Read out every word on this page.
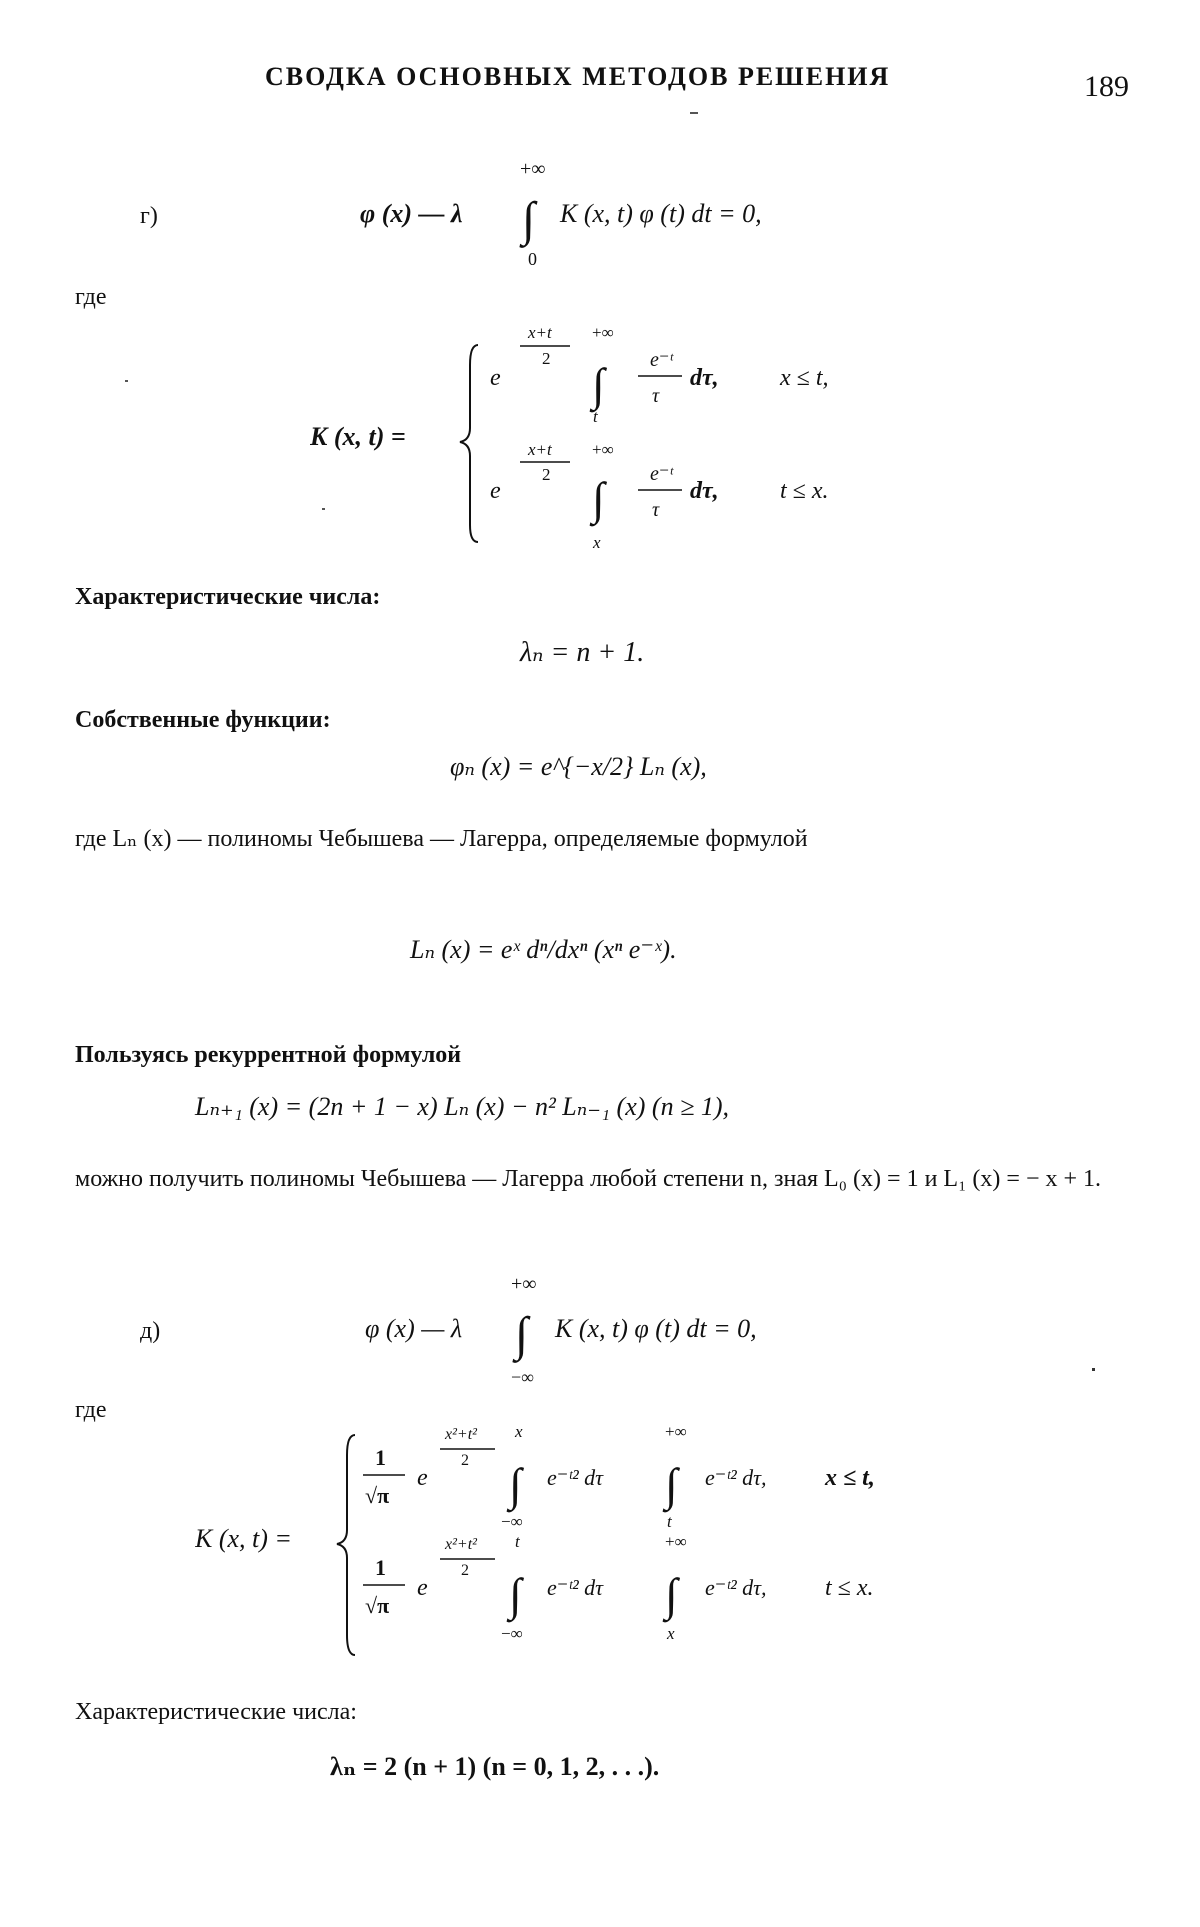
СВОДКА ОСНОВНЫХ МЕТОДОВ РЕШЕНИЯ	189
г)	φ (x) — λ
+∞
∫
0
K (x, t) φ (t) dt = 0,
где
K (x, t) =
e
x+t
2
+∞
∫
t
e⁻ᵗ
τ
dτ,	x ≤ t,
e
x+t
2
+∞
∫
x
e⁻ᵗ
τ
dτ,	t ≤ x.
Характеристические числа:
λₙ = n + 1.
Собственные функции:
φₙ (x) = e^{−x/2} Lₙ (x),
где Lₙ (x) — полиномы Чебышева — Лагерра, определяемые формулой
Lₙ (x) = eˣ dⁿ/dxⁿ (xⁿ e⁻ˣ).
Пользуясь рекуррентной формулой
Lₙ₊₁ (x) = (2n + 1 − x) Lₙ (x) − n² Lₙ₋₁ (x) (n ≥ 1),
можно получить полиномы Чебышева — Лагерра любой степени n, зная L₀ (x) = 1 и L₁ (x) = − x + 1.
д)	φ (x) — λ
+∞
∫
−∞
K (x, t) φ (t) dt = 0,
где
K (x, t) =
1
√π
e
x²+t²
2
x
∫
−∞
e⁻ᵗ² dτ
+∞
∫
t
e⁻ᵗ² dτ, x ≤ t,
1
√π
e
x²+t²
2
t
∫
−∞
e⁻ᵗ² dτ
+∞
∫
x
e⁻ᵗ² dτ, t ≤ x.
Характеристические числа:
λₙ = 2 (n + 1) (n = 0, 1, 2, . . .).
